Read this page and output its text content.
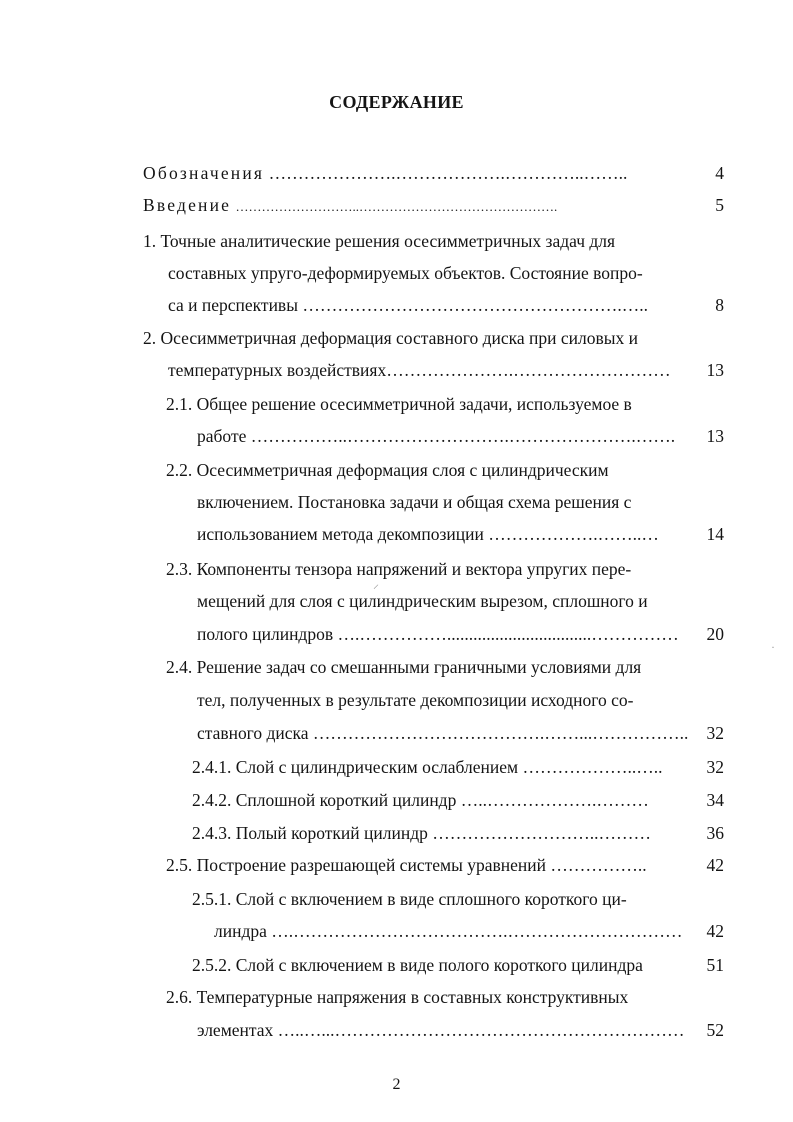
СОДЕРЖАНИЕ
Обозначения ………………….……………….…………..……..	4
Введение ………………………..……………………………………….	5
1. Точные аналитические решения осесимметричных задач для
составных упруго-деформируемых объектов. Состояние вопро-
са и перспективы ……………………………………………….…..	8
2. Осесимметричная деформация составного диска при силовых и
температурных воздействиях………………….………………………	13
2.1. Общее решение осесимметричной задачи, используемое в
работе ……………..……………………….………………….…….	13
2.2. Осесимметричная деформация слоя с цилиндрическим
включением. Постановка задачи и общая схема решения с
использованием метода декомпозиции ……………….……..…	14
2.3. Компоненты тензора напряжений и вектора упругих пере-
мещений для слоя с цилиндрическим вырезом, сплошного и
полого цилиндров ….…………….................................……………	20
2.4. Решение задач со смешанными граничными условиями для
тел, полученных в результате декомпозиции исходного со-
ставного диска ………………………………….……...……………..	32
2.4.1. Слой с цилиндрическим ослаблением ………………..…..	32
2.4.2. Сплошной короткий цилиндр …..……………….………	34
2.4.3. Полый короткий цилиндр ………………………..………	36
2.5. Построение разрешающей системы уравнений ……………..	42
2.5.1. Слой с включением в виде сплошного короткого ци-
линдра ….……………………………….…………………………	42
2.5.2. Слой с включением в виде полого короткого цилиндра	51
2.6. Температурные напряжения в составных конструктивных
элементах …..…...……………………………………………………	52
2
⸝
·
